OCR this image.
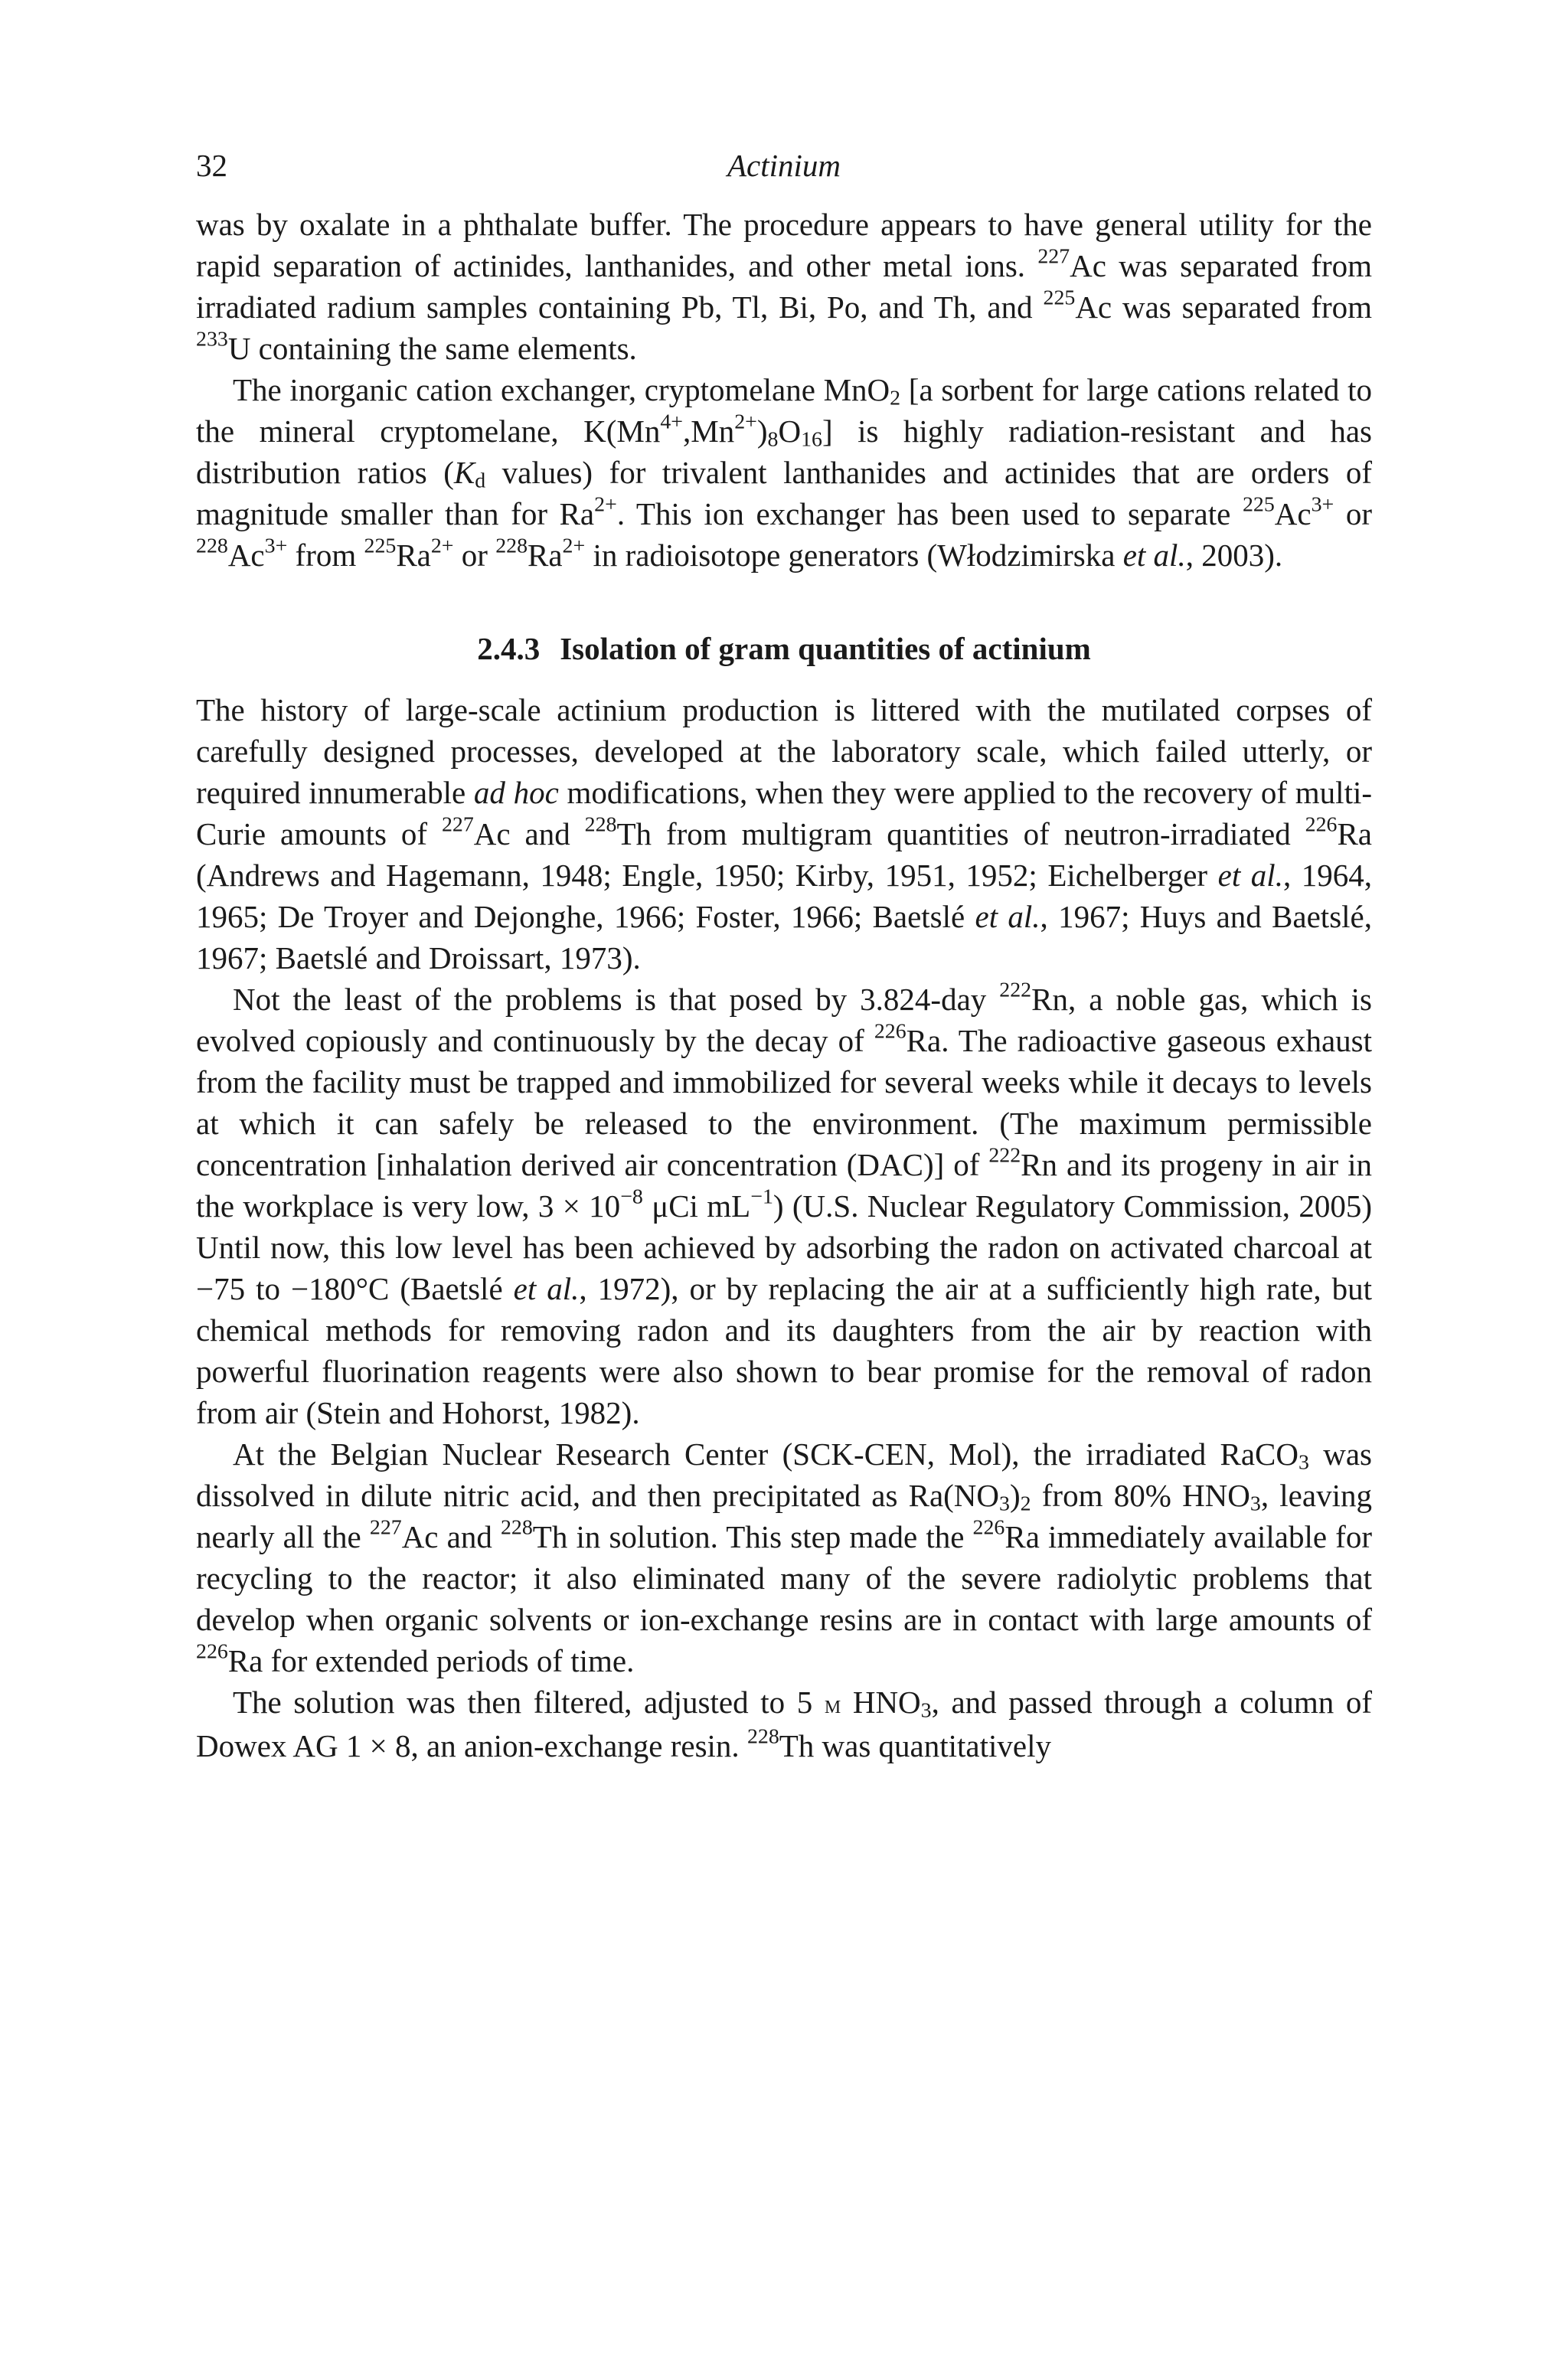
32	Actinium

was by oxalate in a phthalate buffer. The procedure appears to have general utility for the rapid separation of actinides, lanthanides, and other metal ions. $^{227}$Ac was separated from irradiated radium samples containing Pb, Tl, Bi, Po, and Th, and $^{225}$Ac was separated from $^{233}$U containing the same elements.

The inorganic cation exchanger, cryptomelane MnO$_2$ [a sorbent for large cations related to the mineral cryptomelane, $K(Mn^{4+},Mn^{2+})_8O_{16}$] is highly radiation-resistant and has distribution ratios ($K_d$ values) for trivalent lanthanides and actinides that are orders of magnitude smaller than for $Ra^{2+}$. This ion exchanger has been used to separate $^{225}Ac^{3+}$ or $^{228}Ac^{3+}$ from $^{225}Ra^{2+}$ or $^{228}Ra^{2+}$ in radioisotope generators (Włodzimirska et al., 2003).

2.4.3 Isolation of gram quantities of actinium

The history of large-scale actinium production is littered with the mutilated corpses of carefully designed processes, developed at the laboratory scale, which failed utterly, or required innumerable ad hoc modifications, when they were applied to the recovery of multi-Curie amounts of $^{227}$Ac and $^{228}$Th from multigram quantities of neutron-irradiated $^{226}$Ra (Andrews and Hagemann, 1948; Engle, 1950; Kirby, 1951, 1952; Eichelberger et al., 1964, 1965; De Troyer and Dejonghe, 1966; Foster, 1966; Baetslé et al., 1967; Huys and Baetslé, 1967; Baetslé and Droissart, 1973).

Not the least of the problems is that posed by 3.824-day $^{222}$Rn, a noble gas, which is evolved copiously and continuously by the decay of $^{226}$Ra. The radioactive gaseous exhaust from the facility must be trapped and immobilized for several weeks while it decays to levels at which it can safely be released to the environment. (The maximum permissible concentration [inhalation derived air concentration (DAC)] of $^{222}$Rn and its progeny in air in the workplace is very low, $3 \times 10^{-8}$ μCi $mL^{-1}$) (U.S. Nuclear Regulatory Commission, 2005) Until now, this low level has been achieved by adsorbing the radon on activated charcoal at −75 to −180°C (Baetslé et al., 1972), or by replacing the air at a sufficiently high rate, but chemical methods for removing radon and its daughters from the air by reaction with powerful fluorination reagents were also shown to bear promise for the removal of radon from air (Stein and Hohorst, 1982).

At the Belgian Nuclear Research Center (SCK-CEN, Mol), the irradiated RaCO$_3$ was dissolved in dilute nitric acid, and then precipitated as $Ra(NO_3)_2$ from 80% $HNO_3$, leaving nearly all the $^{227}$Ac and $^{228}$Th in solution. This step made the $^{226}$Ra immediately available for recycling to the reactor; it also eliminated many of the severe radiolytic problems that develop when organic solvents or ion-exchange resins are in contact with large amounts of $^{226}$Ra for extended periods of time.

The solution was then filtered, adjusted to 5 m $HNO_3$, and passed through a column of Dowex AG 1 × 8, an anion-exchange resin. $^{228}$Th was quantitatively
